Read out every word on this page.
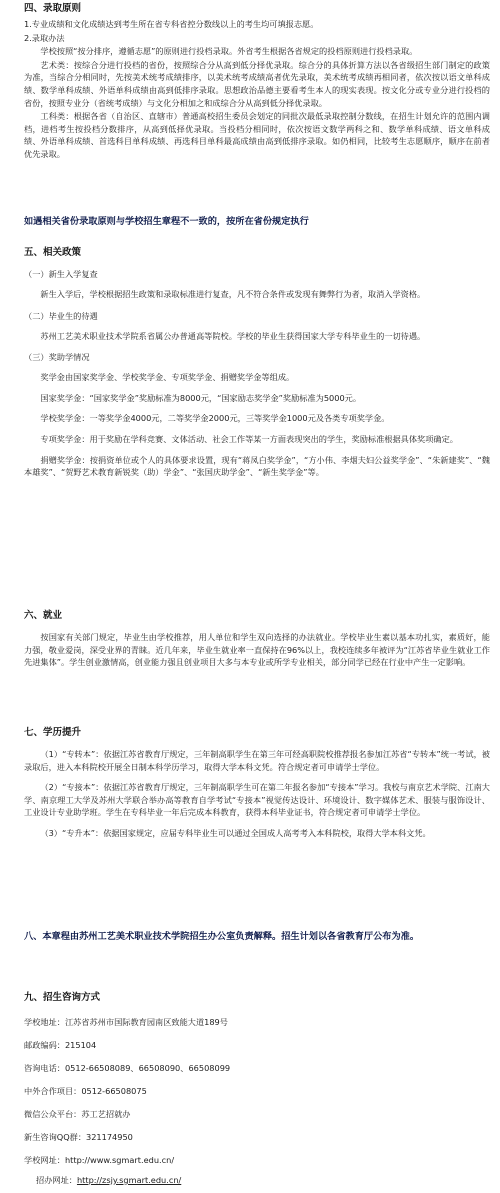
四、录取原则
1.专业成绩和文化成绩达到考生所在省专科省控分数线以上的考生均可填报志愿。
2.录取办法
学校按照“按分排序，遵循志愿”的原则进行投档录取。外省考生根据各省规定的投档原则进行投档录取。
艺术类：按综合分进行投档的省份，按照综合分从高到低分择优录取。综合分的具体折算方法以各省级招生部门制定的政策为准，当综合分相同时，先按美术统考成绩排序，以美术统考成绩高者优先录取，美术统考成绩再相同者，依次按以语文单科成绩、数学单科成绩、外语单科成绩由高到低排序录取。思想政治品德主要看考生本人的现实表现。按文化分或专业分进行投档的省份，按照专业分（省统考成绩）与文化分相加之和成综合分从高到低分择优录取。
工科类：根据各省（自治区、直辖市）普通高校招生委员会划定的同批次最低录取控制分数线，在招生计划允许的范围内调档，进档考生按投档分数排序，从高到低择优录取。当投档分相同时，依次按语文数学两科之和、数学单科成绩、语文单科成绩、外语单科成绩、首选科目单科成绩、再选科目单科最高成绩由高到低排序录取。如仍相同，比较考生志愿顺序，顺序在前者优先录取。
如遇相关省份录取原则与学校招生章程不一致的，按所在省份规定执行
五、相关政策
（一）新生入学复查
新生入学后，学校根据招生政策和录取标准进行复查，凡不符合条件或发现有舞弊行为者，取消入学资格。
（二）毕业生的待遇
苏州工艺美术职业技术学院系省属公办普通高等院校。学校的毕业生获得国家大学专科毕业生的一切待遇。
（三）奖助学情况
奖学金由国家奖学金、学校奖学金、专项奖学金、捐赠奖学金等组成。
国家奖学金：“国家奖学金”奖励标准为8000元，“国家励志奖学金”奖励标准为5000元。
学校奖学金：一等奖学金4000元，二等奖学金2000元，三等奖学金1000元及各类专项奖学金。
专项奖学金：用于奖励在学科竞赛、文体活动、社会工作等某一方面表现突出的学生，奖励标准根据具体奖项确定。
捐赠奖学金：按捐资单位或个人的具体要求设置，现有“蒋凤白奖学金”，“方小伟、李烟夫妇公益奖学金”、“朱新建奖”、“魏本雄奖”、“贺野艺术教育新锐奖（助）学金”、“张国庆助学金”、“新生奖学金”等。
六、就业
按国家有关部门规定，毕业生由学校推荐，用人单位和学生双向选择的办法就业。学校毕业生素以基本功扎实，素质好，能力强，敬业爱岗，深受业界的青睐。近几年来，毕业生就业率一直保持在96%以上，我校连续多年被评为“江苏省毕业生就业工作先进集体”。学生创业激情高，创业能力强且创业项目大多与本专业或所学专业相关，部分同学已经在行业中产生一定影响。
七、学历提升
（1）“专转本”：依据江苏省教育厅规定，三年制高职学生在第三年可经高职院校推荐报名参加江苏省“专转本”统一考试，被录取后，进入本科院校开展全日制本科学历学习，取得大学本科文凭。符合规定者可申请学士学位。
（2）“专接本”：依据江苏省教育厅规定，三年制高职学生可在第二年报名参加“专接本”学习。我校与南京艺术学院、江南大学、南京理工大学及苏州大学联合举办高等教育自学考试“专接本”视觉传达设计、环境设计、数字媒体艺术、服装与服饰设计、工业设计专业助学班。学生在专科毕业一年后完成本科教育，获得本科毕业证书，符合规定者可申请学士学位。
（3）“专升本”：依据国家规定，应届专科毕业生可以通过全国成人高考考入本科院校，取得大学本科文凭。
八、本章程由苏州工艺美术职业技术学院招生办公室负责解释。招生计划以各省教育厅公布为准。
九、招生咨询方式
学校地址：江苏省苏州市国际教育园南区致能大道189号
邮政编码：215104
咨询电话：0512-66508089、66508090、66508099
中外合作项目：0512-66508075
微信公众平台：苏工艺招就办
新生咨询QQ群：321174950
学校网址：http://www.sgmart.edu.cn/
招办网址：http://zsjy.sgmart.edu.cn/
